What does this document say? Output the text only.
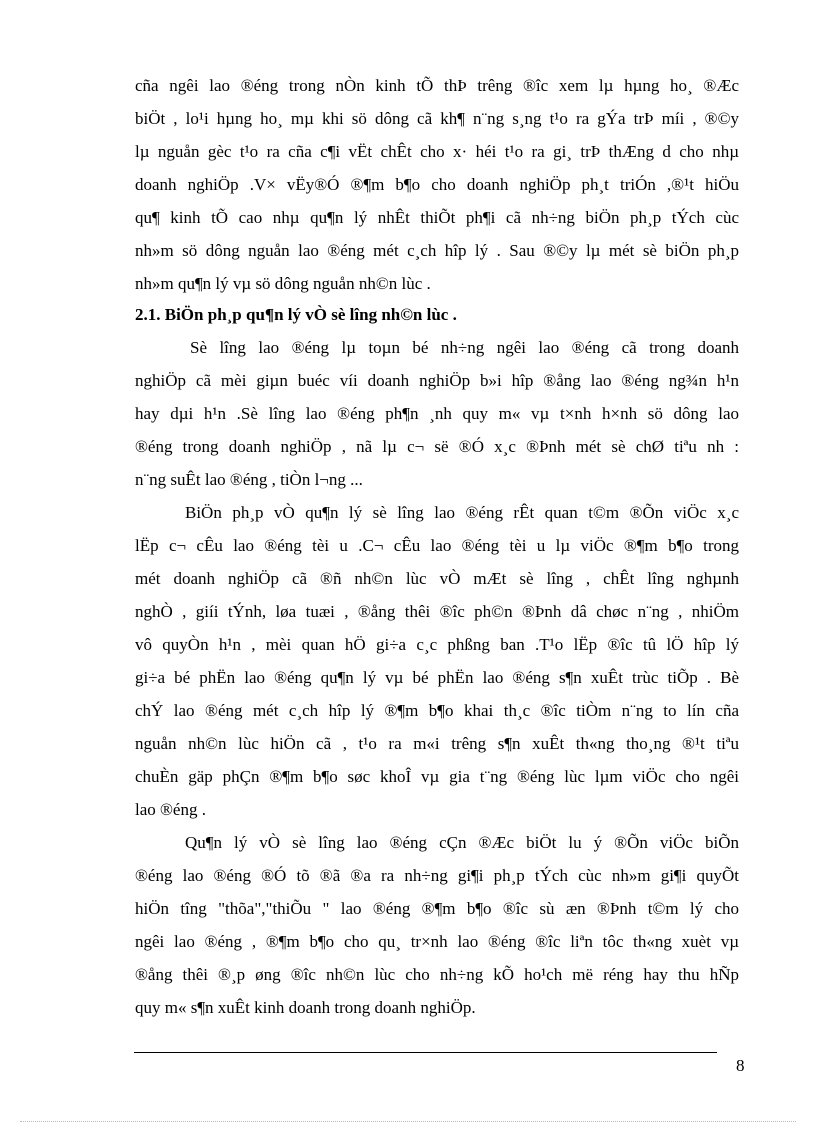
cña ngêi lao ®éng trong nÒn kinh tÕ thÞ trêng ®îc xem lµ hµng ho¸ ®Æc
biÖt , lo¹i hµng ho¸ mµ khi sö dông cã kh¶ n¨ng s¸ng t¹o ra gÝa trÞ míi , ®©y
lµ nguån gèc t¹o ra cña c¶i vËt chÊt cho x· héi t¹o ra gi¸ trÞ thÆng d cho nhµ
doanh nghiÖp .V× vËy®Ó ®¶m b¶o cho doanh nghiÖp ph¸t triÓn ,®¹t hiÖu
qu¶ kinh tÕ cao nhµ qu¶n lý nhÊt thiÕt ph¶i cã nh÷ng biÖn ph¸p tÝch cùc
nh»m sö dông nguån lao ®éng mét c¸ch hîp lý . Sau ®©y lµ mét sè biÖn ph¸p
nh»m qu¶n lý vµ sö dông nguån nh©n lùc .
2.1. BiÖn ph¸p qu¶n lý vÒ sè lîng nh©n lùc .
Sè lîng lao ®éng lµ toµn bé nh÷ng ngêi lao ®éng cã trong doanh
nghiÖp cã mèi giµn buéc víi doanh nghiÖp b»i hîp ®ång lao ®éng ng¾n h¹n
hay dµi h¹n .Sè lîng lao ®éng ph¶n ¸nh quy m« vµ t×nh h×nh sö dông lao
®éng trong doanh nghiÖp , nã lµ c¬ së ®Ó x¸c ®Þnh mét sè chØ tiªu nh :
n¨ng suÊt lao ®éng , tiÒn l¬ng ...
BiÖn ph¸p vÒ qu¶n lý sè lîng lao ®éng rÊt quan t©m ®Õn viÖc x¸c
lËp c¬ cÊu lao ®éng tèi u .C¬ cÊu lao ®éng tèi u lµ viÖc ®¶m b¶o trong
mét doanh nghiÖp cã ®ñ nh©n lùc vÒ mÆt sè lîng , chÊt lîng nghµnh
nghÒ , giíi tÝnh, løa tuæi , ®ång thêi ®îc ph©n ®Þnh dâ chøc n¨ng , nhiÖm
vô quyÒn h¹n , mèi quan hÖ gi÷a c¸c phßng ban .T¹o lËp ®îc tû lÖ hîp lý
gi÷a bé phËn lao ®éng qu¶n lý vµ bé phËn lao ®éng s¶n xuÊt trùc tiÕp . Bè
chÝ lao ®éng mét c¸ch hîp lý ®¶m b¶o khai th¸c ®îc tiÒm n¨ng to lín cña
nguån nh©n lùc hiÖn cã , t¹o ra m«i trêng s¶n xuÊt th«ng tho¸ng ®¹t tiªu
chuÈn gäp phÇn ®¶m b¶o søc khoÎ vµ gia t¨ng ®éng lùc lµm viÖc cho ngêi
lao ®éng .
Qu¶n lý vÒ sè lîng lao ®éng cÇn ®Æc biÖt lu ý ®Õn viÖc biÕn
®éng lao ®éng ®Ó tõ ®ã ®a ra nh÷ng gi¶i ph¸p tÝch cùc nh»m gi¶i quyÕt
hiÖn tîng "thõa","thiÕu " lao ®éng ®¶m b¶o ®îc sù æn ®Þnh t©m lý cho
ngêi lao ®éng , ®¶m b¶o cho qu¸ tr×nh lao ®éng ®îc liªn tôc th«ng xuèt vµ
®ång thêi ®¸p øng ®îc nh©n lùc cho nh÷ng kÕ ho¹ch më réng hay thu hÑp
quy m« s¶n xuÊt kinh doanh trong doanh nghiÖp.
8
